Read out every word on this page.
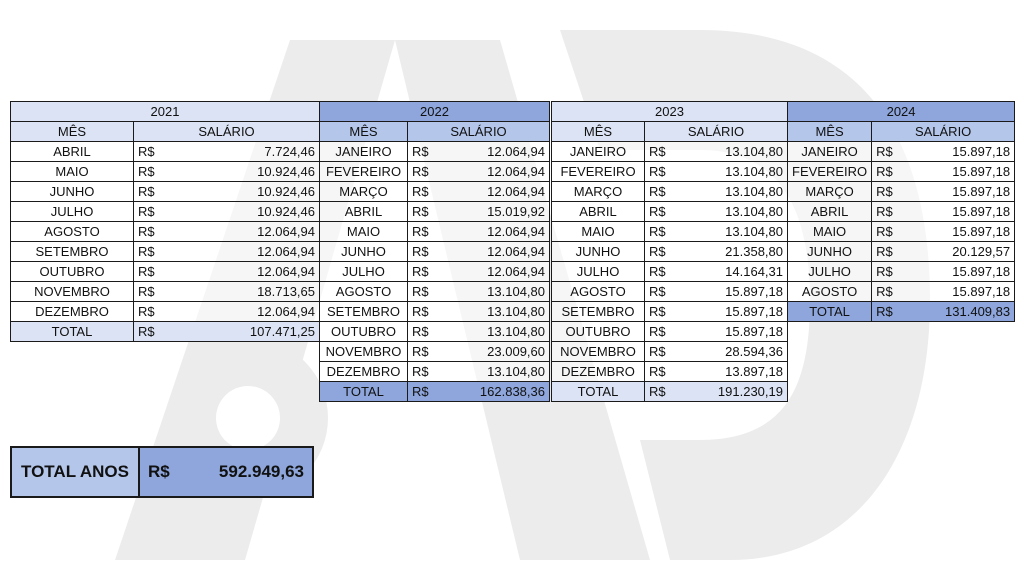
2021		
MÊS	SALÁRIO	
ABRIL	R$	7.724,46
MAIO	R$	10.924,46
JUNHO	R$	10.924,46
JULHO	R$	10.924,46
AGOSTO	R$	12.064,94
SETEMBRO	R$	12.064,94
OUTUBRO	R$	12.064,94
NOVEMBRO	R$	18.713,65
DEZEMBRO	R$	12.064,94
TOTAL	R$	107.471,25
2022		
MÊS	SALÁRIO	
JANEIRO	R$	12.064,94
FEVEREIRO	R$	12.064,94
MARÇO	R$	12.064,94
ABRIL	R$	15.019,92
MAIO	R$	12.064,94
JUNHO	R$	12.064,94
JULHO	R$	12.064,94
AGOSTO	R$	13.104,80
SETEMBRO	R$	13.104,80
OUTUBRO	R$	13.104,80
NOVEMBRO	R$	23.009,60
DEZEMBRO	R$	13.104,80
TOTAL	R$	162.838,36
2023		
MÊS	SALÁRIO	
JANEIRO	R$	13.104,80
FEVEREIRO	R$	13.104,80
MARÇO	R$	13.104,80
ABRIL	R$	13.104,80
MAIO	R$	13.104,80
JUNHO	R$	21.358,80
JULHO	R$	14.164,31
AGOSTO	R$	15.897,18
SETEMBRO	R$	15.897,18
OUTUBRO	R$	15.897,18
NOVEMBRO	R$	28.594,36
DEZEMBRO	R$	13.897,18
TOTAL	R$	191.230,19
2024		
MÊS	SALÁRIO	
JANEIRO	R$	15.897,18
FEVEREIRO	R$	15.897,18
MARÇO	R$	15.897,18
ABRIL	R$	15.897,18
MAIO	R$	15.897,18
JUNHO	R$	20.129,57
JULHO	R$	15.897,18
AGOSTO	R$	15.897,18
TOTAL	R$	131.409,83
TOTAL ANOS	R$	592.949,63
